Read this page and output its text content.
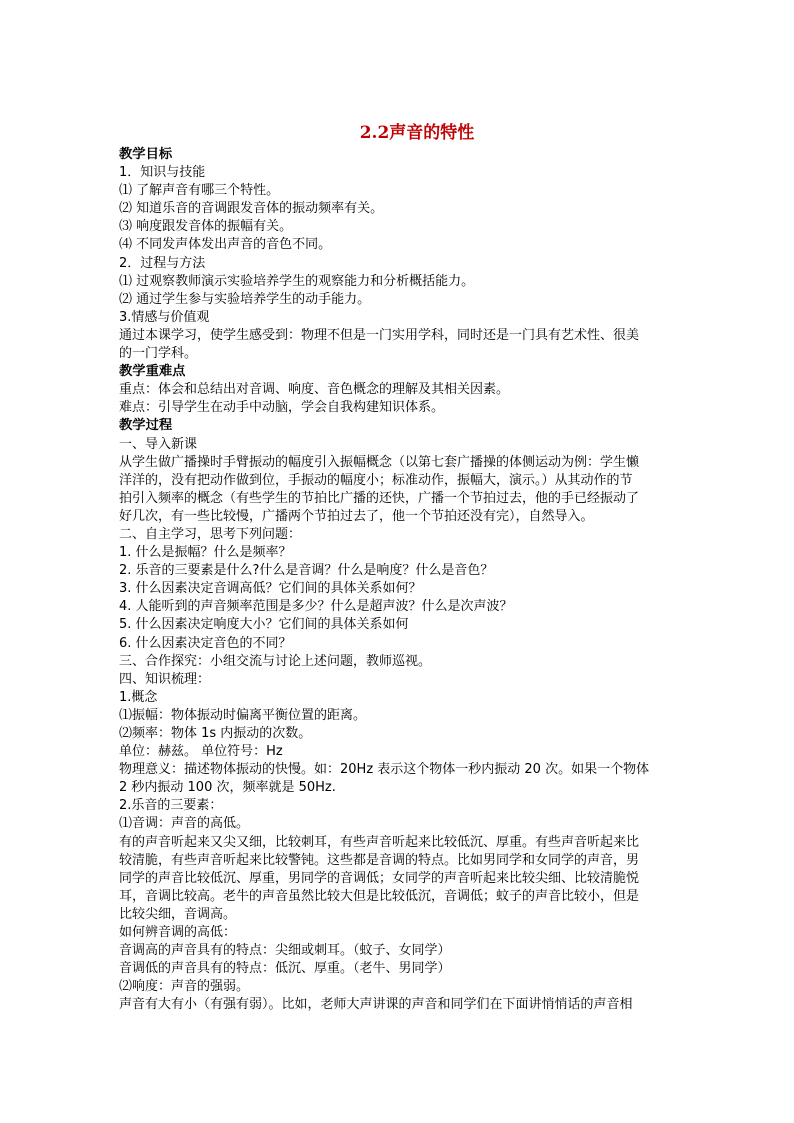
2.2声音的特性
教学目标
1．知识与技能
⑴ 了解声音有哪三个特性。
⑵ 知道乐音的音调跟发音体的振动频率有关。
⑶ 响度跟发音体的振幅有关。
⑷ 不同发声体发出声音的音色不同。
2．过程与方法
⑴ 过观察教师演示实验培养学生的观察能力和分析概括能力。
⑵ 通过学生参与实验培养学生的动手能力。
3.情感与价值观
通过本课学习，使学生感受到：物理不但是一门实用学科，同时还是一门具有艺术性、很美
的一门学科。
教学重难点
重点：体会和总结出对音调、响度、音色概念的理解及其相关因素。
难点：引导学生在动手中动脑，学会自我构建知识体系。
教学过程
一、导入新课
从学生做广播操时手臂振动的幅度引入振幅概念（以第七套广播操的体侧运动为例：学生懒
洋洋的，没有把动作做到位，手振动的幅度小；标准动作，振幅大，演示。）从其动作的节
拍引入频率的概念（有些学生的节拍比广播的还快，广播一个节拍过去，他的手已经振动了
好几次，有一些比较慢，广播两个节拍过去了，他一个节拍还没有完），自然导入。
二、自主学习，思考下列问题：
1. 什么是振幅？什么是频率？
2. 乐音的三要素是什么?什么是音调？什么是响度？什么是音色？
3. 什么因素决定音调高低？它们间的具体关系如何？
4. 人能听到的声音频率范围是多少？什么是超声波？什么是次声波？
5. 什么因素决定响度大小？它们间的具体关系如何
6. 什么因素决定音色的不同？
三、合作探究：小组交流与讨论上述问题，教师巡视。
四、知识梳理：
1.概念
⑴振幅：物体振动时偏离平衡位置的距离。
⑵频率：物体 1s 内振动的次数。
单位：赫兹。 单位符号：Hz
物理意义：描述物体振动的快慢。如：20Hz 表示这个物体一秒内振动 20 次。如果一个物体
2 秒内振动 100 次，频率就是 50Hz.
2.乐音的三要素：
⑴音调：声音的高低。
有的声音听起来又尖又细，比较刺耳，有些声音听起来比较低沉、厚重。有些声音听起来比
较清脆，有些声音听起来比较警钝。这些都是音调的特点。比如男同学和女同学的声音，男
同学的声音比较低沉、厚重，男同学的音调低；女同学的声音听起来比较尖细、比较清脆悦
耳，音调比较高。老牛的声音虽然比较大但是比较低沉，音调低；蚊子的声音比较小，但是
比较尖细，音调高。
如何辨音调的高低：
音调高的声音具有的特点：尖细或刺耳。（蚊子、女同学）
音调低的声音具有的特点：低沉、厚重。（老牛、男同学）
⑵响度：声音的强弱。
声音有大有小（有强有弱）。比如，老师大声讲课的声音和同学们在下面讲悄悄话的声音相
